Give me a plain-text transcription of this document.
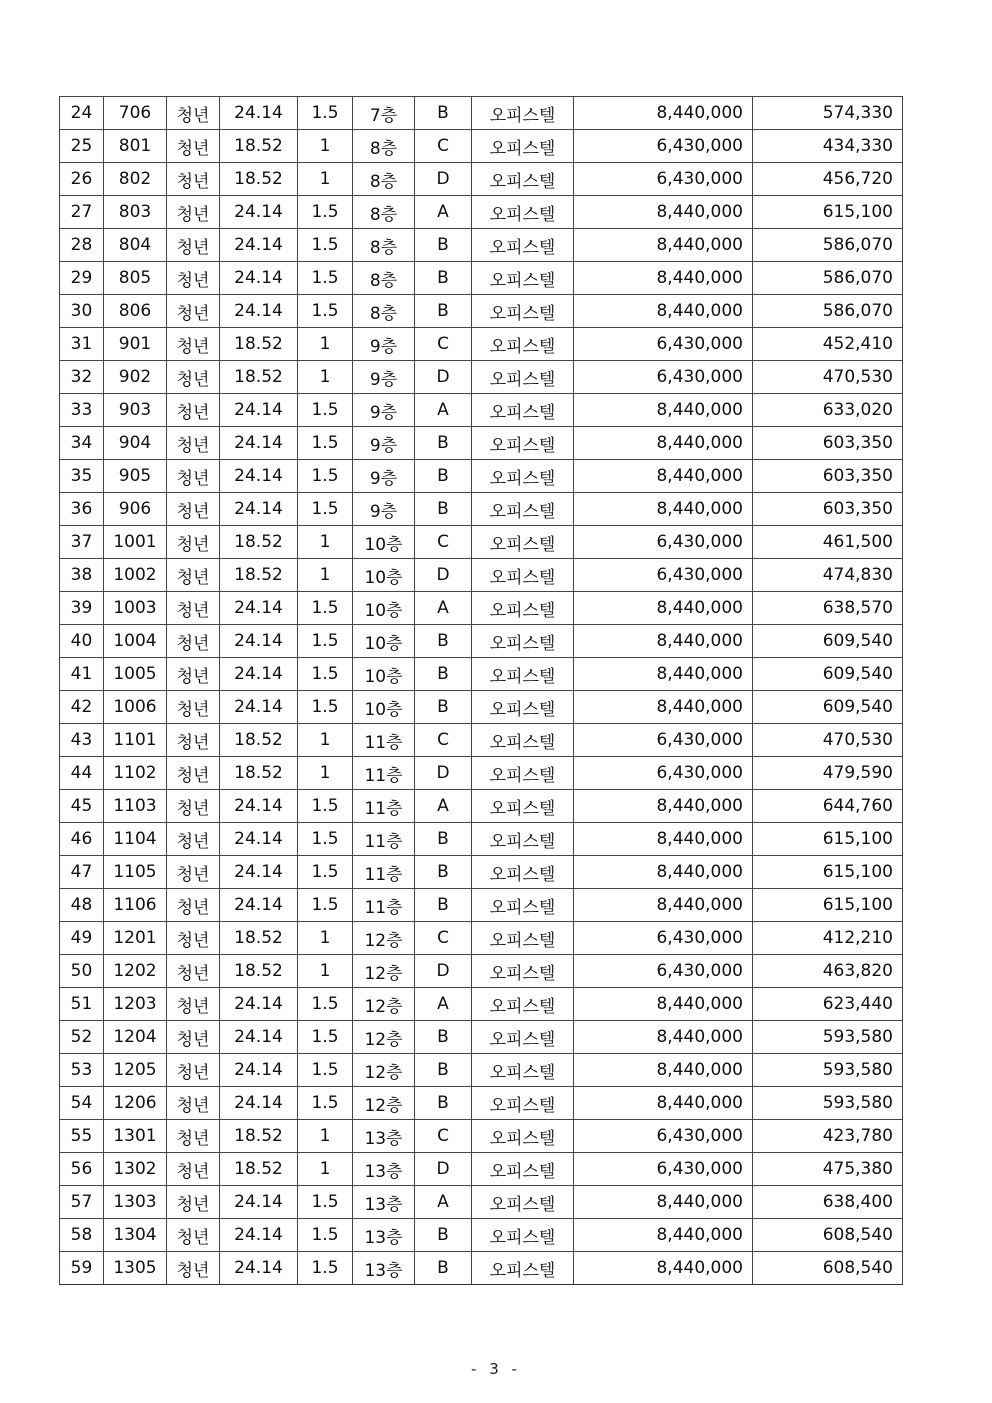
24	706	청년	24.14	1.5	7층	B	오피스텔	8,440,000	574,330
25	801	청년	18.52	1	8층	C	오피스텔	6,430,000	434,330
26	802	청년	18.52	1	8층	D	오피스텔	6,430,000	456,720
27	803	청년	24.14	1.5	8층	A	오피스텔	8,440,000	615,100
28	804	청년	24.14	1.5	8층	B	오피스텔	8,440,000	586,070
29	805	청년	24.14	1.5	8층	B	오피스텔	8,440,000	586,070
30	806	청년	24.14	1.5	8층	B	오피스텔	8,440,000	586,070
31	901	청년	18.52	1	9층	C	오피스텔	6,430,000	452,410
32	902	청년	18.52	1	9층	D	오피스텔	6,430,000	470,530
33	903	청년	24.14	1.5	9층	A	오피스텔	8,440,000	633,020
34	904	청년	24.14	1.5	9층	B	오피스텔	8,440,000	603,350
35	905	청년	24.14	1.5	9층	B	오피스텔	8,440,000	603,350
36	906	청년	24.14	1.5	9층	B	오피스텔	8,440,000	603,350
37	1001	청년	18.52	1	10층	C	오피스텔	6,430,000	461,500
38	1002	청년	18.52	1	10층	D	오피스텔	6,430,000	474,830
39	1003	청년	24.14	1.5	10층	A	오피스텔	8,440,000	638,570
40	1004	청년	24.14	1.5	10층	B	오피스텔	8,440,000	609,540
41	1005	청년	24.14	1.5	10층	B	오피스텔	8,440,000	609,540
42	1006	청년	24.14	1.5	10층	B	오피스텔	8,440,000	609,540
43	1101	청년	18.52	1	11층	C	오피스텔	6,430,000	470,530
44	1102	청년	18.52	1	11층	D	오피스텔	6,430,000	479,590
45	1103	청년	24.14	1.5	11층	A	오피스텔	8,440,000	644,760
46	1104	청년	24.14	1.5	11층	B	오피스텔	8,440,000	615,100
47	1105	청년	24.14	1.5	11층	B	오피스텔	8,440,000	615,100
48	1106	청년	24.14	1.5	11층	B	오피스텔	8,440,000	615,100
49	1201	청년	18.52	1	12층	C	오피스텔	6,430,000	412,210
50	1202	청년	18.52	1	12층	D	오피스텔	6,430,000	463,820
51	1203	청년	24.14	1.5	12층	A	오피스텔	8,440,000	623,440
52	1204	청년	24.14	1.5	12층	B	오피스텔	8,440,000	593,580
53	1205	청년	24.14	1.5	12층	B	오피스텔	8,440,000	593,580
54	1206	청년	24.14	1.5	12층	B	오피스텔	8,440,000	593,580
55	1301	청년	18.52	1	13층	C	오피스텔	6,430,000	423,780
56	1302	청년	18.52	1	13층	D	오피스텔	6,430,000	475,380
57	1303	청년	24.14	1.5	13층	A	오피스텔	8,440,000	638,400
58	1304	청년	24.14	1.5	13층	B	오피스텔	8,440,000	608,540
59	1305	청년	24.14	1.5	13층	B	오피스텔	8,440,000	608,540
- 3 -
